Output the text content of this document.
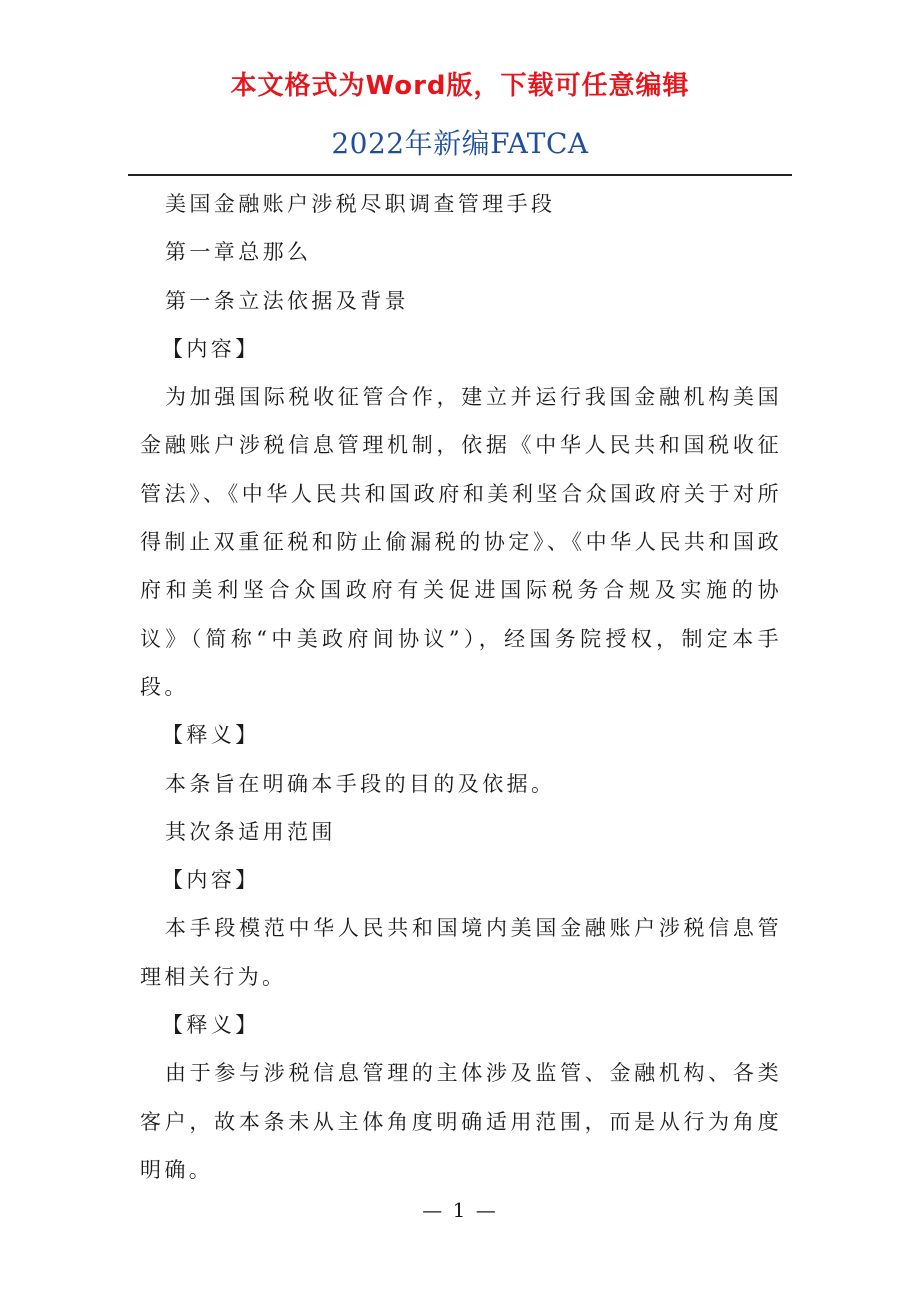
本文格式为Word版，下载可任意编辑
2022年新编FATCA

美国金融账户涉税尽职调查管理手段

第一章总那么

第一条立法依据及背景

【内容】

为加强国际税收征管合作，建立并运行我国金融机构美国金融账户涉税信息管理机制，依据《中华人民共和国税收征管法》、《中华人民共和国政府和美利坚合众国政府关于对所得制止双重征税和防止偷漏税的协定》、《中华人民共和国政府和美利坚合众国政府有关促进国际税务合规及实施的协议》（简称“中美政府间协议”），经国务院授权，制定本手段。

【释义】

本条旨在明确本手段的目的及依据。

其次条适用范围

【内容】

本手段模范中华人民共和国境内美国金融账户涉税信息管理相关行为。

【释义】

由于参与涉税信息管理的主体涉及监管、金融机构、各类客户，故本条未从主体角度明确适用范围，而是从行为角度明确。

— 1 —
